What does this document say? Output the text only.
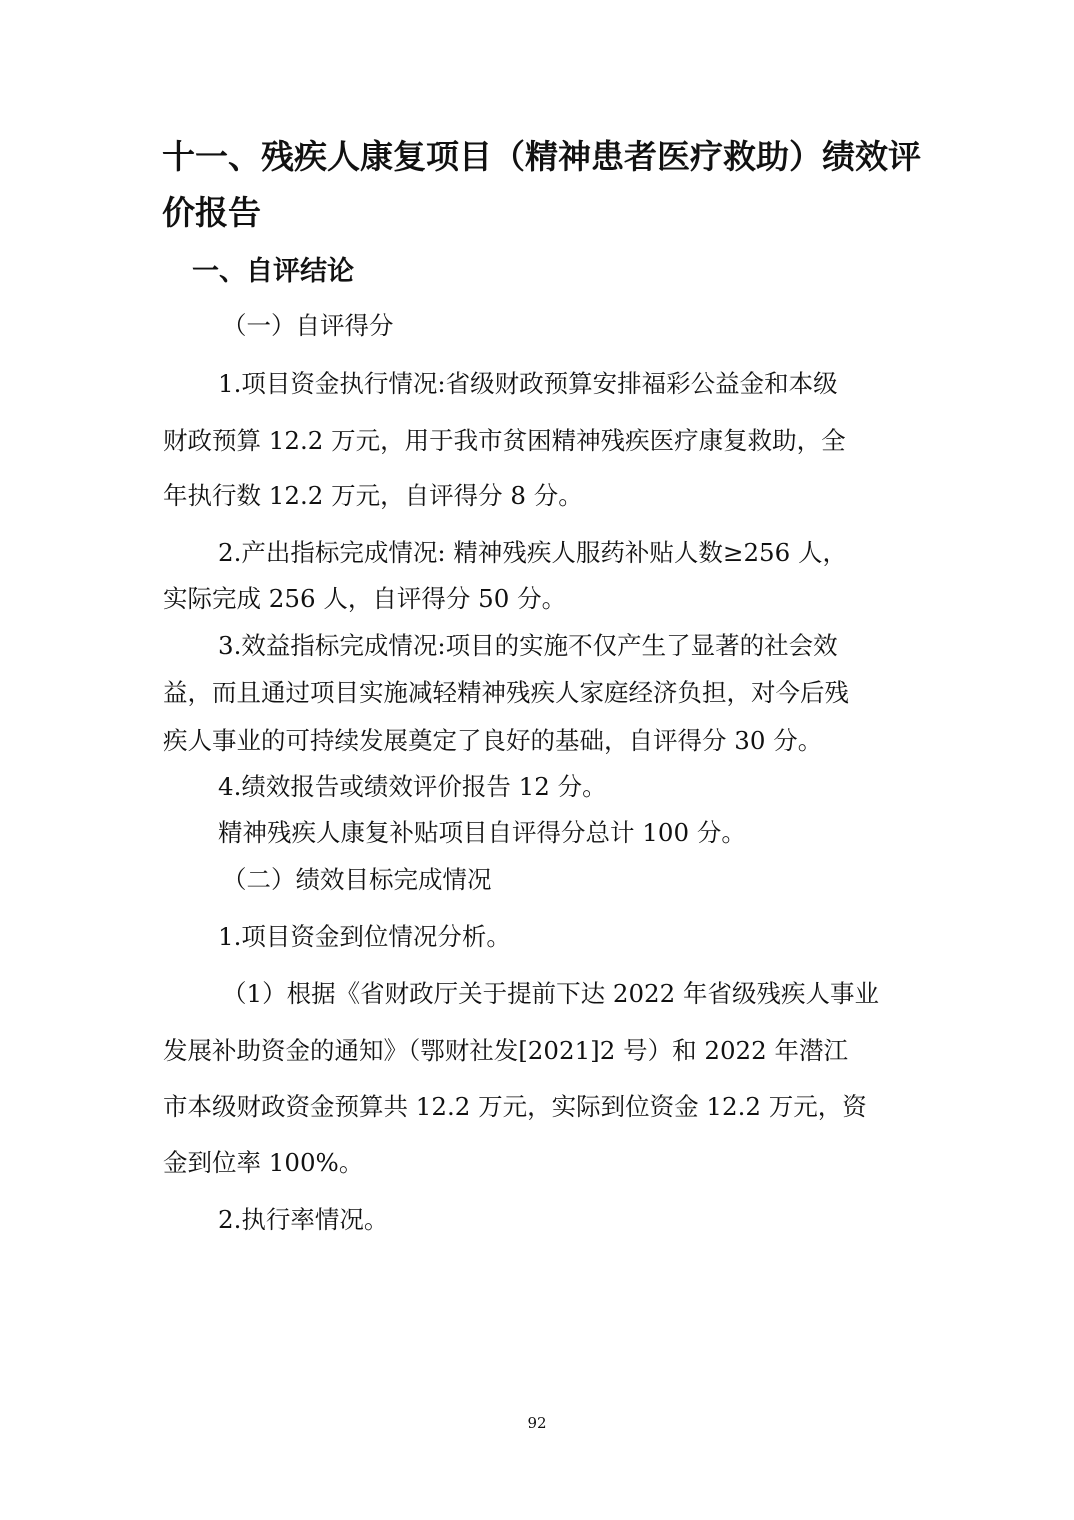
十一、残疾人康复项目（精神患者医疗救助）绩效评
价报告
一、自评结论
（一）自评得分
1.项目资金执行情况:省级财政预算安排福彩公益金和本级
财政预算 12.2 万元，用于我市贫困精神残疾医疗康复救助，全
年执行数 12.2 万元，自评得分 8 分。
2.产出指标完成情况: 精神残疾人服药补贴人数≥256 人，
实际完成 256 人，自评得分 50 分。
3.效益指标完成情况:项目的实施不仅产生了显著的社会效
益，而且通过项目实施减轻精神残疾人家庭经济负担，对今后残
疾人事业的可持续发展奠定了良好的基础，自评得分 30 分。
4.绩效报告或绩效评价报告 12 分。
精神残疾人康复补贴项目自评得分总计 100 分。
（二）绩效目标完成情况
1.项目资金到位情况分析。
（1）根据《省财政厅关于提前下达 2022 年省级残疾人事业
发展补助资金的通知》（鄂财社发[2021]2 号）和 2022 年潜江
市本级财政资金预算共 12.2 万元，实际到位资金 12.2 万元，资
金到位率 100%。
2.执行率情况。
92
